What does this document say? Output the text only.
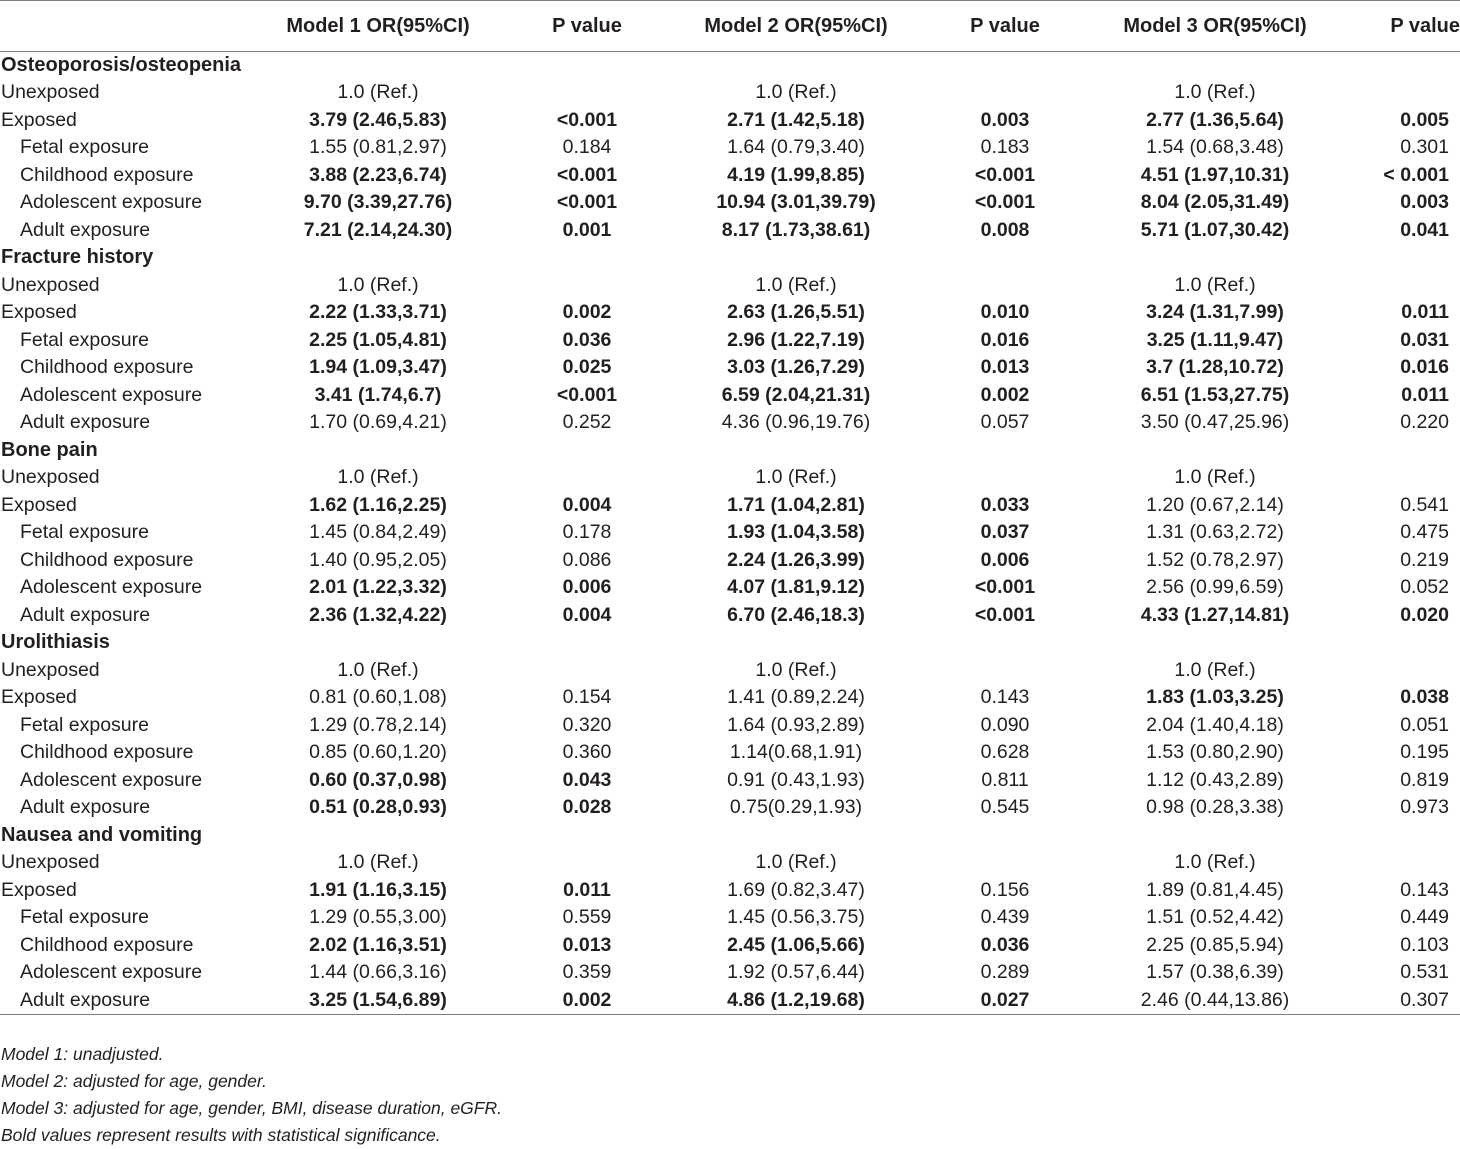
	Model 1 OR(95%CI)	P value	Model 2 OR(95%CI)	P value	Model 3 OR(95%CI)	P value
Osteoporosis/osteopenia						
Unexposed	1.0 (Ref.)		1.0 (Ref.)		1.0 (Ref.)	
Exposed	3.79 (2.46,5.83)	<0.001	2.71 (1.42,5.18)	0.003	2.77 (1.36,5.64)	0.005
Fetal exposure	1.55 (0.81,2.97)	0.184	1.64 (0.79,3.40)	0.183	1.54 (0.68,3.48)	0.301
Childhood exposure	3.88 (2.23,6.74)	<0.001	4.19 (1.99,8.85)	<0.001	4.51 (1.97,10.31)	< 0.001
Adolescent exposure	9.70 (3.39,27.76)	<0.001	10.94 (3.01,39.79)	<0.001	8.04 (2.05,31.49)	0.003
Adult exposure	7.21 (2.14,24.30)	0.001	8.17 (1.73,38.61)	0.008	5.71 (1.07,30.42)	0.041
Fracture history						
Unexposed	1.0 (Ref.)		1.0 (Ref.)		1.0 (Ref.)	
Exposed	2.22 (1.33,3.71)	0.002	2.63 (1.26,5.51)	0.010	3.24 (1.31,7.99)	0.011
Fetal exposure	2.25 (1.05,4.81)	0.036	2.96 (1.22,7.19)	0.016	3.25 (1.11,9.47)	0.031
Childhood exposure	1.94 (1.09,3.47)	0.025	3.03 (1.26,7.29)	0.013	3.7 (1.28,10.72)	0.016
Adolescent exposure	3.41 (1.74,6.7)	<0.001	6.59 (2.04,21.31)	0.002	6.51 (1.53,27.75)	0.011
Adult exposure	1.70 (0.69,4.21)	0.252	4.36 (0.96,19.76)	0.057	3.50 (0.47,25.96)	0.220
Bone pain						
Unexposed	1.0 (Ref.)		1.0 (Ref.)		1.0 (Ref.)	
Exposed	1.62 (1.16,2.25)	0.004	1.71 (1.04,2.81)	0.033	1.20 (0.67,2.14)	0.541
Fetal exposure	1.45 (0.84,2.49)	0.178	1.93 (1.04,3.58)	0.037	1.31 (0.63,2.72)	0.475
Childhood exposure	1.40 (0.95,2.05)	0.086	2.24 (1.26,3.99)	0.006	1.52 (0.78,2.97)	0.219
Adolescent exposure	2.01 (1.22,3.32)	0.006	4.07 (1.81,9.12)	<0.001	2.56 (0.99,6.59)	0.052
Adult exposure	2.36 (1.32,4.22)	0.004	6.70 (2.46,18.3)	<0.001	4.33 (1.27,14.81)	0.020
Urolithiasis						
Unexposed	1.0 (Ref.)		1.0 (Ref.)		1.0 (Ref.)	
Exposed	0.81 (0.60,1.08)	0.154	1.41 (0.89,2.24)	0.143	1.83 (1.03,3.25)	0.038
Fetal exposure	1.29 (0.78,2.14)	0.320	1.64 (0.93,2.89)	0.090	2.04 (1.40,4.18)	0.051
Childhood exposure	0.85 (0.60,1.20)	0.360	1.14(0.68,1.91)	0.628	1.53 (0.80,2.90)	0.195
Adolescent exposure	0.60 (0.37,0.98)	0.043	0.91 (0.43,1.93)	0.811	1.12 (0.43,2.89)	0.819
Adult exposure	0.51 (0.28,0.93)	0.028	0.75(0.29,1.93)	0.545	0.98 (0.28,3.38)	0.973
Nausea and vomiting						
Unexposed	1.0 (Ref.)		1.0 (Ref.)		1.0 (Ref.)	
Exposed	1.91 (1.16,3.15)	0.011	1.69 (0.82,3.47)	0.156	1.89 (0.81,4.45)	0.143
Fetal exposure	1.29 (0.55,3.00)	0.559	1.45 (0.56,3.75)	0.439	1.51 (0.52,4.42)	0.449
Childhood exposure	2.02 (1.16,3.51)	0.013	2.45 (1.06,5.66)	0.036	2.25 (0.85,5.94)	0.103
Adolescent exposure	1.44 (0.66,3.16)	0.359	1.92 (0.57,6.44)	0.289	1.57 (0.38,6.39)	0.531
Adult exposure	3.25 (1.54,6.89)	0.002	4.86 (1.2,19.68)	0.027	2.46 (0.44,13.86)	0.307
Model 1: unadjusted.
Model 2: adjusted for age, gender.
Model 3: adjusted for age, gender, BMI, disease duration, eGFR.
Bold values represent results with statistical significance.
